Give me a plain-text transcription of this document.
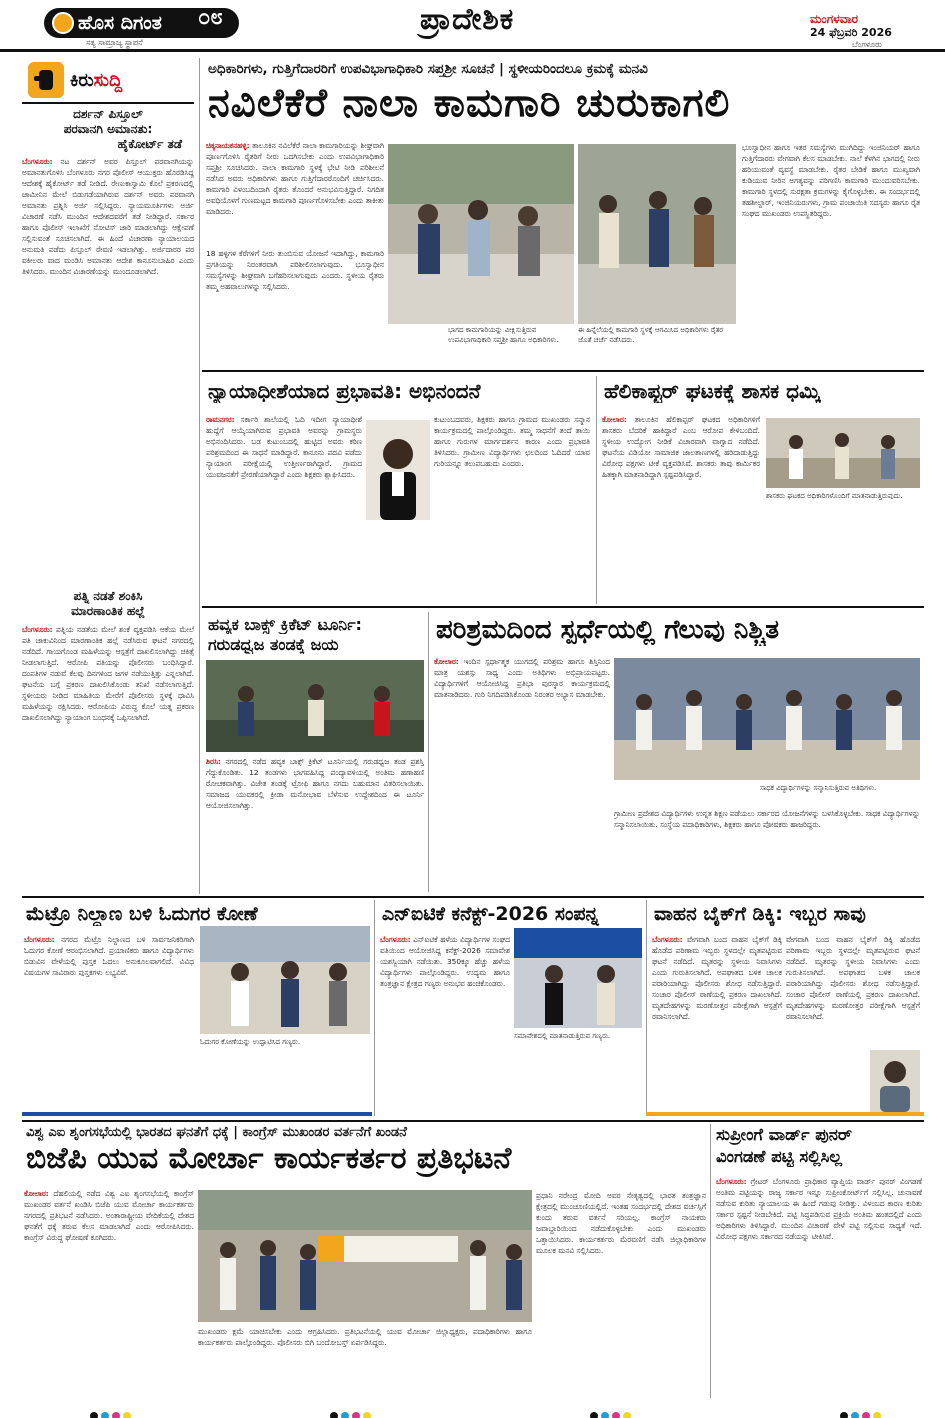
ಹೊಸ ದಿಗಂತ
ಸತ್ಯ ಸಾಮ್ರಾಜ್ಯ ಸ್ಥಾಪನೆ
೦೮	ಪ್ರಾದೇಶಿಕ	ಮಂಗಳವಾರ
24 ಫೆಬ್ರವರಿ 2026
ಬೆಂಗಳೂರು
ಕಿರುಸುದ್ದಿ
ದರ್ಶನ್ ಪಿಸ್ತೂಲ್
ಪರವಾನಗಿ ಅಮಾನತು:
ಹೈಕೋರ್ಟ್ ತಡೆ
ಬೆಂಗಳೂರು: ನಟ ದರ್ಶನ್ ಅವರ ಪಿಸ್ತೂಲ್ ಪರವಾನಗಿಯನ್ನು ಅಮಾನತುಗೊಳಿಸಿ ಬೆಂಗಳೂರು ನಗರ ಪೊಲೀಸ್ ಆಯುಕ್ತರು ಹೊರಡಿಸಿದ್ದ ಆದೇಶಕ್ಕೆ ಹೈಕೋರ್ಟ್ ತಡೆ ನೀಡಿದೆ. ರೇಣುಕಾಸ್ವಾಮಿ ಕೊಲೆ ಪ್ರಕರಣದಲ್ಲಿ ಜಾಮೀನಿನ ಮೇಲೆ ಬಿಡುಗಡೆಯಾಗಿರುವ ದರ್ಶನ್ ಅವರು ಪರವಾನಗಿ ಅಮಾನತು ಪ್ರಶ್ನಿಸಿ ಅರ್ಜಿ ಸಲ್ಲಿಸಿದ್ದರು. ನ್ಯಾಯಮೂರ್ತಿಗಳು ಅರ್ಜಿ ವಿಚಾರಣೆ ನಡೆಸಿ ಮುಂದಿನ ಆದೇಶದವರೆಗೆ ತಡೆ ನೀಡಿದ್ದಾರೆ. ಸರ್ಕಾರ ಹಾಗೂ ಪೊಲೀಸ್ ಇಲಾಖೆಗೆ ನೋಟಿಸ್ ಜಾರಿ ಮಾಡಲಾಗಿದ್ದು ಆಕ್ಷೇಪಣೆ ಸಲ್ಲಿಸುವಂತೆ ಸೂಚಿಸಲಾಗಿದೆ. ಈ ಹಿಂದೆ ವಿಚಾರಣಾ ನ್ಯಾಯಾಲಯದ ಅನುಮತಿ ಪಡೆದು ಪಿಸ್ತೂಲ್ ಠೇವಣಿ ಇಡಲಾಗಿತ್ತು. ಅರ್ಜಿದಾರರ ಪರ ವಕೀಲರು ವಾದ ಮಂಡಿಸಿ ಅಮಾನತು ಆದೇಶ ಕಾನೂನುಬಾಹಿರ ಎಂದು ತಿಳಿಸಿದರು. ಮುಂದಿನ ವಿಚಾರಣೆಯನ್ನು ಮುಂದೂಡಲಾಗಿದೆ.
ಪತ್ನಿ ನಡತೆ ಶಂಕಿಸಿ
ಮಾರಣಾಂತಿಕ ಹಲ್ಲೆ
ಬೆಂಗಳೂರು: ಪತ್ನಿಯ ನಡತೆಯ ಮೇಲೆ ಶಂಕೆ ವ್ಯಕ್ತಪಡಿಸಿ ಆಕೆಯ ಮೇಲೆ ಪತಿ ಚಾಕುವಿನಿಂದ ಮಾರಣಾಂತಿಕ ಹಲ್ಲೆ ನಡೆಸಿರುವ ಘಟನೆ ನಗರದಲ್ಲಿ ನಡೆದಿದೆ. ಗಾಯಗೊಂಡ ಮಹಿಳೆಯನ್ನು ಆಸ್ಪತ್ರೆಗೆ ದಾಖಲಿಸಲಾಗಿದ್ದು ಚಿಕಿತ್ಸೆ ನೀಡಲಾಗುತ್ತಿದೆ. ಆರೋಪಿ ಪತಿಯನ್ನು ಪೊಲೀಸರು ಬಂಧಿಸಿದ್ದಾರೆ. ದಂಪತಿಗಳ ನಡುವೆ ಕೆಲವು ದಿನಗಳಿಂದ ಜಗಳ ನಡೆಯುತ್ತಿತ್ತು ಎನ್ನಲಾಗಿದೆ. ಘಟನೆಯ ಬಗ್ಗೆ ಪ್ರಕರಣ ದಾಖಲಿಸಿಕೊಂಡು ತನಿಖೆ ನಡೆಸಲಾಗುತ್ತಿದೆ. ಸ್ಥಳೀಯರು ನೀಡಿದ ಮಾಹಿತಿಯ ಮೇರೆಗೆ ಪೊಲೀಸರು ಸ್ಥಳಕ್ಕೆ ಧಾವಿಸಿ ಮಹಿಳೆಯನ್ನು ರಕ್ಷಿಸಿದರು. ಆರೋಪಿಯ ವಿರುದ್ಧ ಕೊಲೆ ಯತ್ನ ಪ್ರಕರಣ ದಾಖಲಿಸಲಾಗಿದ್ದು ನ್ಯಾಯಾಂಗ ಬಂಧನಕ್ಕೆ ಒಪ್ಪಿಸಲಾಗಿದೆ.
ಅಧಿಕಾರಿಗಳು, ಗುತ್ತಿಗೆದಾರರಿಗೆ ಉಪವಿಭಾಗಾಧಿಕಾರಿ ಸಪ್ತಶ್ರೀ ಸೂಚನೆ | ಸ್ಥಳೀಯರಿಂದಲೂ ಕ್ರಮಕ್ಕೆ ಮನವಿ
ನವಿಲೆಕೆರೆ ನಾಲಾ ಕಾಮಗಾರಿ ಚುರುಕಾಗಲಿ
ಚಿಕ್ಕನಾಯಕನಹಳ್ಳಿ: ತಾಲೂಕಿನ ನವಿಲೆಕೆರೆ ನಾಲಾ ಕಾಮಗಾರಿಯನ್ನು ಶೀಘ್ರವಾಗಿ ಪೂರ್ಣಗೊಳಿಸಿ ರೈತರಿಗೆ ನೀರು ಒದಗಿಸಬೇಕು ಎಂದು ಉಪವಿಭಾಗಾಧಿಕಾರಿ ಸಪ್ತಶ್ರೀ ಸೂಚಿಸಿದರು. ನಾಲಾ ಕಾಮಗಾರಿ ಸ್ಥಳಕ್ಕೆ ಭೇಟಿ ನೀಡಿ ಪರಿಶೀಲನೆ ನಡೆಸಿದ ಅವರು ಅಧಿಕಾರಿಗಳು ಹಾಗೂ ಗುತ್ತಿಗೆದಾರರೊಂದಿಗೆ ಚರ್ಚಿಸಿದರು. ಕಾಮಗಾರಿ ವಿಳಂಬದಿಂದಾಗಿ ರೈತರು ತೊಂದರೆ ಅನುಭವಿಸುತ್ತಿದ್ದಾರೆ. ನಿಗದಿತ ಅವಧಿಯೊಳಗೆ ಗುಣಮಟ್ಟದ ಕಾಮಗಾರಿ ಪೂರ್ಣಗೊಳಿಸಬೇಕು ಎಂದು ತಾಕೀತು ಮಾಡಿದರು.
18 ಹಳ್ಳಿಗಳ ಕೆರೆಗಳಿಗೆ ನೀರು ತುಂಬಿಸುವ ಯೋಜನೆ ಇದಾಗಿದ್ದು, ಕಾಮಗಾರಿ ಪ್ರಗತಿಯನ್ನು ನಿರಂತರವಾಗಿ ಪರಿಶೀಲಿಸಲಾಗುವುದು. ಭೂಸ್ವಾಧೀನ ಸಮಸ್ಯೆಗಳನ್ನು ಶೀಘ್ರವಾಗಿ ಬಗೆಹರಿಸಲಾಗುವುದು ಎಂದರು. ಸ್ಥಳೀಯ ರೈತರು ತಮ್ಮ ಅಹವಾಲುಗಳನ್ನು ಸಲ್ಲಿಸಿದರು.
ಭಾಗದ ಕಾಮಗಾರಿಯನ್ನು ವೀಕ್ಷಿಸುತ್ತಿರುವ ಉಪವಿಭಾಗಾಧಿಕಾರಿ ಸಪ್ತಶ್ರೀ ಹಾಗೂ ಅಧಿಕಾರಿಗಳು.
ಈ ಹಿನ್ನೆಲೆಯಲ್ಲಿ ಕಾಮಗಾರಿ ಸ್ಥಳಕ್ಕೆ ಆಗಮಿಸಿದ ಅಧಿಕಾರಿಗಳು ರೈತರ ಜೊತೆ ಚರ್ಚೆ ನಡೆಸಿದರು.
ಭೂಸ್ವಾಧೀನ ಹಾಗೂ ಇತರ ಸಮಸ್ಯೆಗಳು ಮುಗಿದಿದ್ದು ಇಂಜಿನಿಯರ್ ಹಾಗೂ ಗುತ್ತಿಗೆದಾರರು ವೇಗವಾಗಿ ಕೆಲಸ ಮಾಡಬೇಕು. ನಾಲೆ ಕೆಳಗಿನ ಭಾಗದಲ್ಲಿ ನೀರು ಹರಿಯುವಂತೆ ವ್ಯವಸ್ಥೆ ಮಾಡಬೇಕು. ರೈತರ ಬೇಡಿಕೆ ಹಾಗೂ ಮುಖ್ಯವಾಗಿ ಕುಡಿಯುವ ನೀರಿನ ಅಗತ್ಯವನ್ನು ಪರಿಗಣಿಸಿ ಕಾಮಗಾರಿ ಮುಂದುವರಿಸಬೇಕು. ಕಾಮಗಾರಿ ಸ್ಥಳದಲ್ಲಿ ಸುರಕ್ಷತಾ ಕ್ರಮಗಳನ್ನು ಕೈಗೊಳ್ಳಬೇಕು. ಈ ಸಂದರ್ಭದಲ್ಲಿ ತಹಶೀಲ್ದಾರ್, ಇಂಜಿನಿಯರುಗಳು, ಗ್ರಾಮ ಪಂಚಾಯಿತಿ ಸದಸ್ಯರು ಹಾಗೂ ರೈತ ಸಂಘದ ಮುಖಂಡರು ಉಪಸ್ಥಿತರಿದ್ದರು.
ನ್ಯಾಯಾಧೀಶೆಯಾದ ಪ್ರಭಾವತಿ: ಅಭಿನಂದನೆ
ರಾಮನಗರ: ಸರ್ಕಾರಿ ಶಾಲೆಯಲ್ಲಿ ಓದಿ ಇದೀಗ ನ್ಯಾಯಾಧೀಶೆ ಹುದ್ದೆಗೆ ಆಯ್ಕೆಯಾಗಿರುವ ಪ್ರಭಾವತಿ ಅವರನ್ನು ಗ್ರಾಮಸ್ಥರು ಅಭಿನಂದಿಸಿದರು. ಬಡ ಕುಟುಂಬದಲ್ಲಿ ಹುಟ್ಟಿದ ಅವರು ಕಠಿಣ ಪರಿಶ್ರಮದಿಂದ ಈ ಸಾಧನೆ ಮಾಡಿದ್ದಾರೆ. ಕಾನೂನು ಪದವಿ ಪಡೆದು ನ್ಯಾಯಾಂಗ ಪರೀಕ್ಷೆಯಲ್ಲಿ ಉತ್ತೀರ್ಣರಾಗಿದ್ದಾರೆ. ಗ್ರಾಮದ ಯುವಜನತೆಗೆ ಪ್ರೇರಣೆಯಾಗಿದ್ದಾರೆ ಎಂದು ಶಿಕ್ಷಕರು ಶ್ಲಾಘಿಸಿದರು.
ಕುಟುಂಬದವರು, ಶಿಕ್ಷಕರು ಹಾಗೂ ಗ್ರಾಮದ ಮುಖಂಡರು ಸನ್ಮಾನ ಕಾರ್ಯಕ್ರಮದಲ್ಲಿ ಪಾಲ್ಗೊಂಡಿದ್ದರು. ತಮ್ಮ ಸಾಧನೆಗೆ ತಂದೆ ತಾಯಿ ಹಾಗೂ ಗುರುಗಳ ಮಾರ್ಗದರ್ಶನ ಕಾರಣ ಎಂದು ಪ್ರಭಾವತಿ ತಿಳಿಸಿದರು. ಗ್ರಾಮೀಣ ವಿದ್ಯಾರ್ಥಿಗಳು ಛಲದಿಂದ ಓದಿದರೆ ಯಾವ ಗುರಿಯನ್ನೂ ತಲುಪಬಹುದು ಎಂದರು.
ಹೆಲಿಕಾಪ್ಟರ್ ಘಟಕಕ್ಕೆ ಶಾಸಕ ಧಮ್ಕಿ
ಕೋಲಾರ: ತಾಲೂಕಿನ ಹೆಲಿಕಾಪ್ಟರ್ ಘಟಕದ ಅಧಿಕಾರಿಗಳಿಗೆ ಶಾಸಕರು ಬೆದರಿಕೆ ಹಾಕಿದ್ದಾರೆ ಎಂಬ ಆರೋಪ ಕೇಳಿಬಂದಿದೆ. ಸ್ಥಳೀಯ ಉದ್ಯೋಗ ನೀಡಿಕೆ ವಿಚಾರವಾಗಿ ವಾಗ್ವಾದ ನಡೆದಿದೆ. ಘಟನೆಯ ವಿಡಿಯೋ ಸಾಮಾಜಿಕ ಜಾಲತಾಣಗಳಲ್ಲಿ ಹರಿದಾಡುತ್ತಿದ್ದು ವಿರೋಧ ಪಕ್ಷಗಳು ಟೀಕೆ ವ್ಯಕ್ತಪಡಿಸಿವೆ. ಶಾಸಕರು ತಾವು ಕಾರ್ಮಿಕರ ಹಿತಕ್ಕಾಗಿ ಮಾತನಾಡಿದ್ದಾಗಿ ಸ್ಪಷ್ಟಪಡಿಸಿದ್ದಾರೆ.
ಶಾಸಕರು ಘಟಕದ ಅಧಿಕಾರಿಗಳೊಂದಿಗೆ ಮಾತನಾಡುತ್ತಿರುವುದು.
ಹವ್ಯಕ ಬಾಕ್ಸ್ ಕ್ರಿಕೆಟ್ ಟೂರ್ನಿ:
ಗರುಡಧ್ವಜ ತಂಡಕ್ಕೆ ಜಯ
ಶಿರಸಿ: ನಗರದಲ್ಲಿ ನಡೆದ ಹವ್ಯಕ ಬಾಕ್ಸ್ ಕ್ರಿಕೆಟ್ ಟೂರ್ನಿಯಲ್ಲಿ ಗರುಡಧ್ವಜ ತಂಡ ಪ್ರಶಸ್ತಿ ಗೆದ್ದುಕೊಂಡಿತು. 12 ತಂಡಗಳು ಭಾಗವಹಿಸಿದ್ದ ಪಂದ್ಯಾವಳಿಯಲ್ಲಿ ಅಂತಿಮ ಹಣಾಹಣಿ ರೋಚಕವಾಗಿತ್ತು. ವಿಜೇತ ತಂಡಕ್ಕೆ ಟ್ರೋಫಿ ಹಾಗೂ ನಗದು ಬಹುಮಾನ ವಿತರಿಸಲಾಯಿತು. ಸಮಾಜದ ಯುವಕರಲ್ಲಿ ಕ್ರೀಡಾ ಮನೋಭಾವ ಬೆಳೆಸುವ ಉದ್ದೇಶದಿಂದ ಈ ಟೂರ್ನಿ ಆಯೋಜಿಸಲಾಗಿತ್ತು.
ಪರಿಶ್ರಮದಿಂದ ಸ್ಪರ್ಧೆಯಲ್ಲಿ ಗೆಲುವು ನಿಶ್ಚಿತ
ಕೋಲಾರ: ಇಂದಿನ ಸ್ಪರ್ಧಾತ್ಮಕ ಯುಗದಲ್ಲಿ ಪರಿಶ್ರಮ ಹಾಗೂ ಶಿಸ್ತಿನಿಂದ ಮಾತ್ರ ಯಶಸ್ಸು ಸಾಧ್ಯ ಎಂದು ಅತಿಥಿಗಳು ಅಭಿಪ್ರಾಯಪಟ್ಟರು. ವಿದ್ಯಾರ್ಥಿಗಳಿಗೆ ಆಯೋಜಿಸಿದ್ದ ಪ್ರತಿಭಾ ಪುರಸ್ಕಾರ ಕಾರ್ಯಕ್ರಮದಲ್ಲಿ ಮಾತನಾಡಿದರು. ಗುರಿ ನಿಗದಿಪಡಿಸಿಕೊಂಡು ನಿರಂತರ ಅಭ್ಯಾಸ ಮಾಡಬೇಕು.
ಸಾಧಕ ವಿದ್ಯಾರ್ಥಿಗಳನ್ನು ಸನ್ಮಾನಿಸುತ್ತಿರುವ ಅತಿಥಿಗಳು.
ಗ್ರಾಮೀಣ ಪ್ರದೇಶದ ವಿದ್ಯಾರ್ಥಿಗಳು ಉನ್ನತ ಶಿಕ್ಷಣ ಪಡೆಯಲು ಸರ್ಕಾರದ ಯೋಜನೆಗಳನ್ನು ಬಳಸಿಕೊಳ್ಳಬೇಕು. ಸಾಧಕ ವಿದ್ಯಾರ್ಥಿಗಳನ್ನು ಸನ್ಮಾನಿಸಲಾಯಿತು. ಸಂಸ್ಥೆಯ ಪದಾಧಿಕಾರಿಗಳು, ಶಿಕ್ಷಕರು ಹಾಗೂ ಪೋಷಕರು ಹಾಜರಿದ್ದರು.
ಮೆಟ್ರೊ ನಿಲ್ದಾಣ ಬಳಿ ಓದುಗರ ಕೋಣೆ
ಬೆಂಗಳೂರು: ನಗರದ ಮೆಟ್ರೊ ನಿಲ್ದಾಣದ ಬಳಿ ಸಾರ್ವಜನಿಕರಿಗಾಗಿ ಓದುಗರ ಕೋಣೆ ಆರಂಭಿಸಲಾಗಿದೆ. ಪ್ರಯಾಣಿಕರು ಹಾಗೂ ವಿದ್ಯಾರ್ಥಿಗಳು ಬಿಡುವಿನ ವೇಳೆಯಲ್ಲಿ ಪುಸ್ತಕ ಓದಲು ಅನುಕೂಲವಾಗಲಿದೆ. ವಿವಿಧ ವಿಷಯಗಳ ಸಾವಿರಾರು ಪುಸ್ತಕಗಳು ಲಭ್ಯವಿವೆ.
ಓದುಗರ ಕೋಣೆಯನ್ನು ಉದ್ಘಾಟಿಸಿದ ಗಣ್ಯರು.
ಎನ್‌ಐಟಿಕೆ ಕನೆಕ್ಟ್-2026 ಸಂಪನ್ನ
ಬೆಂಗಳೂರು: ಎನ್‌ಐಟಿಕೆ ಹಳೆಯ ವಿದ್ಯಾರ್ಥಿಗಳ ಸಂಘದ ವತಿಯಿಂದ ಆಯೋಜಿಸಿದ್ದ ಕನೆಕ್ಟ್-2026 ಸಮಾವೇಶ ಯಶಸ್ವಿಯಾಗಿ ನಡೆಯಿತು. 350ಕ್ಕೂ ಹೆಚ್ಚು ಹಳೆಯ ವಿದ್ಯಾರ್ಥಿಗಳು ಪಾಲ್ಗೊಂಡಿದ್ದರು. ಉದ್ಯಮ ಹಾಗೂ ತಂತ್ರಜ್ಞಾನ ಕ್ಷೇತ್ರದ ಗಣ್ಯರು ಅನುಭವ ಹಂಚಿಕೊಂಡರು.
ಸಮಾವೇಶದಲ್ಲಿ ಮಾತನಾಡುತ್ತಿರುವ ಗಣ್ಯರು.
ವಾಹನ ಬೈಕ್‌ಗೆ ಡಿಕ್ಕಿ: ಇಬ್ಬರ ಸಾವು
ಬೆಂಗಳೂರು: ವೇಗವಾಗಿ ಬಂದ ವಾಹನ ಬೈಕ್‌ಗೆ ಡಿಕ್ಕಿ ಹೊಡೆದ ಪರಿಣಾಮ ಇಬ್ಬರು ಸ್ಥಳದಲ್ಲೇ ಮೃತಪಟ್ಟಿರುವ ಘಟನೆ ನಡೆದಿದೆ. ಮೃತರನ್ನು ಸ್ಥಳೀಯ ನಿವಾಸಿಗಳು ಎಂದು ಗುರುತಿಸಲಾಗಿದೆ. ಅಪಘಾತದ ಬಳಿಕ ಚಾಲಕ ಪರಾರಿಯಾಗಿದ್ದು ಪೊಲೀಸರು ಶೋಧ ನಡೆಸುತ್ತಿದ್ದಾರೆ. ಸಂಚಾರ ಪೊಲೀಸ್ ಠಾಣೆಯಲ್ಲಿ ಪ್ರಕರಣ ದಾಖಲಾಗಿದೆ. ಮೃತದೇಹಗಳನ್ನು ಮರಣೋತ್ತರ ಪರೀಕ್ಷೆಗಾಗಿ ಆಸ್ಪತ್ರೆಗೆ ರವಾನಿಸಲಾಗಿದೆ.
ವೇಗವಾಗಿ ಬಂದ ವಾಹನ ಬೈಕ್‌ಗೆ ಡಿಕ್ಕಿ ಹೊಡೆದ ಪರಿಣಾಮ ಇಬ್ಬರು ಸ್ಥಳದಲ್ಲೇ ಮೃತಪಟ್ಟಿರುವ ಘಟನೆ ನಡೆದಿದೆ. ಮೃತರನ್ನು ಸ್ಥಳೀಯ ನಿವಾಸಿಗಳು ಎಂದು ಗುರುತಿಸಲಾಗಿದೆ. ಅಪಘಾತದ ಬಳಿಕ ಚಾಲಕ ಪರಾರಿಯಾಗಿದ್ದು ಪೊಲೀಸರು ಶೋಧ ನಡೆಸುತ್ತಿದ್ದಾರೆ. ಸಂಚಾರ ಪೊಲೀಸ್ ಠಾಣೆಯಲ್ಲಿ ಪ್ರಕರಣ ದಾಖಲಾಗಿದೆ. ಮೃತದೇಹಗಳನ್ನು ಮರಣೋತ್ತರ ಪರೀಕ್ಷೆಗಾಗಿ ಆಸ್ಪತ್ರೆಗೆ ರವಾನಿಸಲಾಗಿದೆ.
ವಿಶ್ವ ಎಐ ಶೃಂಗಸಭೆಯಲ್ಲಿ ಭಾರತದ ಘನತೆಗೆ ಧಕ್ಕೆ | ಕಾಂಗ್ರೆಸ್ ಮುಖಂಡರ ವರ್ತನೆಗೆ ಖಂಡನೆ
ಬಿಜೆಪಿ ಯುವ ಮೋರ್ಚಾ ಕಾರ್ಯಕರ್ತರ ಪ್ರತಿಭಟನೆ
ಕೋಲಾರ: ದೆಹಲಿಯಲ್ಲಿ ನಡೆದ ವಿಶ್ವ ಎಐ ಶೃಂಗಸಭೆಯಲ್ಲಿ ಕಾಂಗ್ರೆಸ್ ಮುಖಂಡರ ವರ್ತನೆ ಖಂಡಿಸಿ ಬಿಜೆಪಿ ಯುವ ಮೋರ್ಚಾ ಕಾರ್ಯಕರ್ತರು ನಗರದಲ್ಲಿ ಪ್ರತಿಭಟನೆ ನಡೆಸಿದರು. ಅಂತಾರಾಷ್ಟ್ರೀಯ ವೇದಿಕೆಯಲ್ಲಿ ದೇಶದ ಘನತೆಗೆ ಧಕ್ಕೆ ತರುವ ಕೆಲಸ ಮಾಡಲಾಗಿದೆ ಎಂದು ಆರೋಪಿಸಿದರು. ಕಾಂಗ್ರೆಸ್ ವಿರುದ್ಧ ಘೋಷಣೆ ಕೂಗಿದರು.
ಮುಖಂಡರು ಕ್ಷಮೆ ಯಾಚಿಸಬೇಕು ಎಂದು ಆಗ್ರಹಿಸಿದರು. ಪ್ರತಿಭಟನೆಯಲ್ಲಿ ಯುವ ಮೋರ್ಚಾ ಜಿಲ್ಲಾಧ್ಯಕ್ಷರು, ಪದಾಧಿಕಾರಿಗಳು ಹಾಗೂ ಕಾರ್ಯಕರ್ತರು ಪಾಲ್ಗೊಂಡಿದ್ದರು. ಪೊಲೀಸರು ಬಿಗಿ ಬಂದೋಬಸ್ತ್ ಏರ್ಪಡಿಸಿದ್ದರು.
ಪ್ರಧಾನಿ ನರೇಂದ್ರ ಮೋದಿ ಅವರ ನೇತೃತ್ವದಲ್ಲಿ ಭಾರತ ತಂತ್ರಜ್ಞಾನ ಕ್ಷೇತ್ರದಲ್ಲಿ ಮುಂಚೂಣಿಯಲ್ಲಿದೆ. ಇಂತಹ ಸಂದರ್ಭದಲ್ಲಿ ದೇಶದ ವರ್ಚಸ್ಸಿಗೆ ಕುಂದು ತರುವ ವರ್ತನೆ ಸರಿಯಲ್ಲ. ಕಾಂಗ್ರೆಸ್ ನಾಯಕರು ಜವಾಬ್ದಾರಿಯಿಂದ ನಡೆದುಕೊಳ್ಳಬೇಕು ಎಂದು ಮುಖಂಡರು ಒತ್ತಾಯಿಸಿದರು. ಕಾರ್ಯಕರ್ತರು ಮೆರವಣಿಗೆ ನಡೆಸಿ ಜಿಲ್ಲಾಧಿಕಾರಿಗಳ ಮೂಲಕ ಮನವಿ ಸಲ್ಲಿಸಿದರು.
ಸುಪ್ರೀಂಗೆ ವಾರ್ಡ್ ಪುನರ್
ವಿಂಗಡಣೆ ಪಟ್ಟಿ ಸಲ್ಲಿಸಿಲ್ಲ
ಬೆಂಗಳೂರು: ಗ್ರೇಟರ್ ಬೆಂಗಳೂರು ಪ್ರಾಧಿಕಾರ ವ್ಯಾಪ್ತಿಯ ವಾರ್ಡ್ ಪುನರ್ ವಿಂಗಡಣೆ ಅಂತಿಮ ಪಟ್ಟಿಯನ್ನು ರಾಜ್ಯ ಸರ್ಕಾರ ಇನ್ನೂ ಸುಪ್ರೀಂಕೋರ್ಟ್‌ಗೆ ಸಲ್ಲಿಸಿಲ್ಲ. ಚುನಾವಣೆ ನಡೆಸುವ ಕುರಿತು ನ್ಯಾಯಾಲಯ ಈ ಹಿಂದೆ ಗಡುವು ನೀಡಿತ್ತು. ವಿಳಂಬದ ಕಾರಣ ಕುರಿತು ಸರ್ಕಾರ ಸ್ಪಷ್ಟನೆ ನೀಡಬೇಕಿದೆ. ಪಟ್ಟಿ ಸಿದ್ಧಪಡಿಸುವ ಪ್ರಕ್ರಿಯೆ ಅಂತಿಮ ಹಂತದಲ್ಲಿದೆ ಎಂದು ಅಧಿಕಾರಿಗಳು ತಿಳಿಸಿದ್ದಾರೆ. ಮುಂದಿನ ವಿಚಾರಣೆ ವೇಳೆ ಪಟ್ಟಿ ಸಲ್ಲಿಸುವ ಸಾಧ್ಯತೆ ಇದೆ. ವಿರೋಧ ಪಕ್ಷಗಳು ಸರ್ಕಾರದ ನಡೆಯನ್ನು ಟೀಕಿಸಿವೆ.
